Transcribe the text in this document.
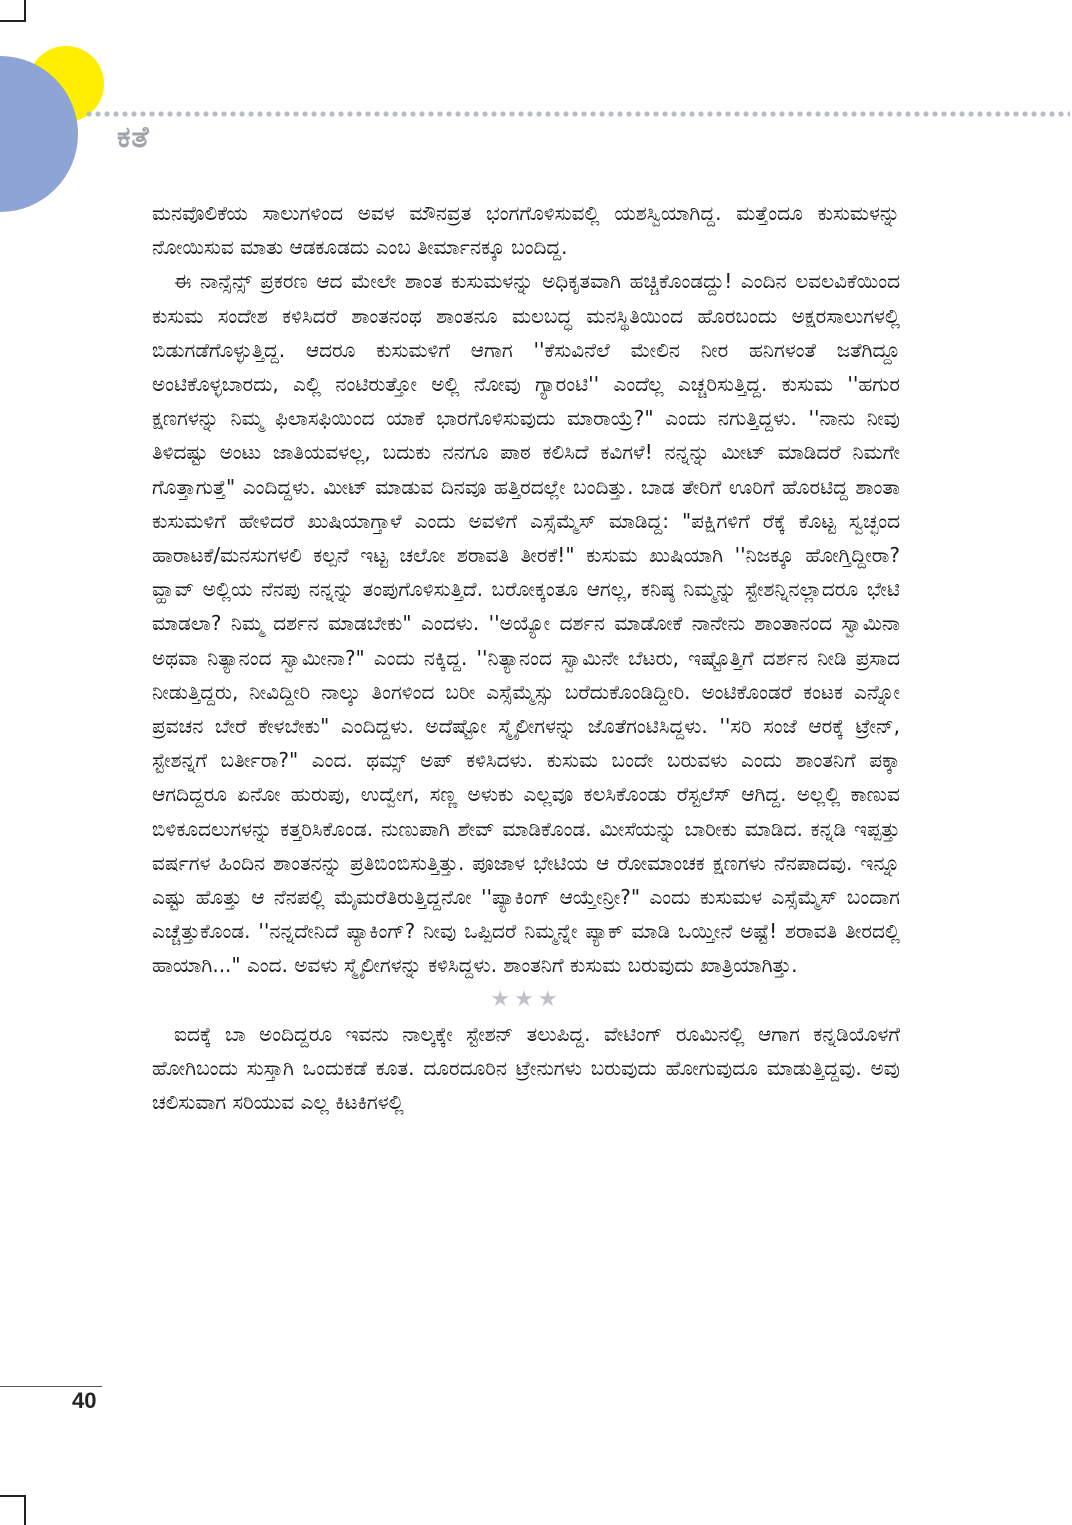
ಕತೆ

ಮನವೊಲಿಕೆಯ ಸಾಲುಗಳಿಂದ ಅವಳ ಮೌನವ್ರತ ಭಂಗಗೊಳಿಸುವಲ್ಲಿ ಯಶಸ್ವಿಯಾಗಿದ್ದ. ಮತ್ತೆಂದೂ ಕುಸುಮಳನ್ನು ನೋಯಿಸುವ ಮಾತು ಆಡಕೂಡದು ಎಂಬ ತೀರ್ಮಾನಕ್ಕೂ ಬಂದಿದ್ದ.

ಈ ನಾನ್ಸೆನ್ಸ್ ಪ್ರಕರಣ ಆದ ಮೇಲೇ ಶಾಂತ ಕುಸುಮಳನ್ನು ಅಧಿಕೃತವಾಗಿ ಹಚ್ಚಿಕೊಂಡದ್ದು! ಎಂದಿನ ಲವಲವಿಕೆಯಿಂದ ಕುಸುಮ ಸಂದೇಶ ಕಳಿಸಿದರೆ ಶಾಂತನಂಥ ಶಾಂತನೂ ಮಲಬದ್ಧ ಮನಸ್ಥಿತಿಯಿಂದ ಹೊರಬಂದು ಅಕ್ಷರಸಾಲುಗಳಲ್ಲಿ ಬಿಡುಗಡೆಗೊಳ್ಳುತ್ತಿದ್ದ. ಆದರೂ ಕುಸುಮಳಿಗೆ ಆಗಾಗ ''ಕೆಸುವಿನೆಲೆ ಮೇಲಿನ ನೀರ ಹನಿಗಳಂತೆ ಜತೆಗಿದ್ದೂ ಅಂಟಿಕೊಳ್ಳಬಾರದು, ಎಲ್ಲಿ ನಂಟಿರುತ್ತೋ ಅಲ್ಲಿ ನೋವು ಗ್ಯಾರಂಟಿ'' ಎಂದೆಲ್ಲ ಎಚ್ಚರಿಸುತ್ತಿದ್ದ. ಕುಸುಮ ''ಹಗುರ ಕ್ಷಣಗಳನ್ನು ನಿಮ್ಮ ಫಿಲಾಸಫಿಯಿಂದ ಯಾಕೆ ಭಾರಗೊಳಿಸುವುದು ಮಾರಾಯ್ರೆ?" ಎಂದು ನಗುತ್ತಿದ್ದಳು. ''ನಾನು ನೀವು ತಿಳಿದಷ್ಟು ಅಂಟು ಜಾತಿಯವಳಲ್ಲ, ಬದುಕು ನನಗೂ ಪಾಠ ಕಲಿಸಿದೆ ಕವಿಗಳೆ! ನನ್ನನ್ನು ಮೀಟ್ ಮಾಡಿದರೆ ನಿಮಗೇ ಗೊತ್ತಾಗುತ್ತೆ" ಎಂದಿದ್ದಳು. ಮೀಟ್ ಮಾಡುವ ದಿನವೂ ಹತ್ತಿರದಲ್ಲೇ ಬಂದಿತ್ತು. ಬಾಡ ತೇರಿಗೆ ಊರಿಗೆ ಹೊರಟಿದ್ದ ಶಾಂತಾ ಕುಸುಮಳಿಗೆ ಹೇಳಿದರೆ ಖುಷಿಯಾಗ್ತಾಳೆ ಎಂದು ಅವಳಿಗೆ ಎಸ್ಸೆಮ್ಮೆಸ್ ಮಾಡಿದ್ದ: "ಪಕ್ಷಿಗಳಿಗೆ ರೆಕ್ಕೆ ಕೊಟ್ಟ ಸ್ವಚ್ಛಂದ ಹಾರಾಟಕೆ/ಮನಸುಗಳಲಿ ಕಲ್ಪನೆ ಇಟ್ಟ ಚಲೋ ಶರಾವತಿ ತೀರಕೆ!" ಕುಸುಮ ಖುಷಿಯಾಗಿ ''ನಿಜಕ್ಕೂ ಹೋಗ್ತಿದ್ದೀರಾ? ವ್ಹಾವ್ ಅಲ್ಲಿಯ ನೆನಪು ನನ್ನನ್ನು ತಂಪುಗೊಳಿಸುತ್ತಿದೆ. ಬರೋಕ್ಕಂತೂ ಆಗಲ್ಲ, ಕನಿಷ್ಠ ನಿಮ್ಮನ್ನು ಸ್ಟೇಶನ್ನಿನಲ್ಲಾದರೂ ಭೇಟಿ ಮಾಡಲಾ? ನಿಮ್ಮ ದರ್ಶನ ಮಾಡಬೇಕು" ಎಂದಳು. ''ಅಯ್ಯೋ ದರ್ಶನ ಮಾಡೋಕೆ ನಾನೇನು ಶಾಂತಾನಂದ ಸ್ವಾಮಿನಾ ಅಥವಾ ನಿತ್ಯಾನಂದ ಸ್ವಾಮೀನಾ?" ಎಂದು ನಕ್ಕಿದ್ದ. ''ನಿತ್ಯಾನಂದ ಸ್ವಾಮಿನೇ ಬೆಟರು, ಇಷ್ಟೊತ್ತಿಗೆ ದರ್ಶನ ನೀಡಿ ಪ್ರಸಾದ ನೀಡುತ್ತಿದ್ದರು, ನೀವಿದ್ದೀರಿ ನಾಲ್ಕು ತಿಂಗಳಿಂದ ಬರೀ ಎಸ್ಸೆಮ್ಮೆಸ್ಸು ಬರೆದುಕೊಂಡಿದ್ದೀರಿ. ಅಂಟಿಕೊಂಡರೆ ಕಂಟಕ ಎನ್ನೋ ಪ್ರವಚನ ಬೇರೆ ಕೇಳಬೇಕು" ಎಂದಿದ್ದಳು. ಅದೆಷ್ಟೋ ಸ್ಮೈಲೀಗಳನ್ನು ಜೊತೆಗಂಟಿಸಿದ್ದಳು. ''ಸರಿ ಸಂಜೆ ಆರಕ್ಕೆ ಟ್ರೇನ್, ಸ್ಟೇಶನ್ನಗೆ ಬರ್ತೀರಾ?" ಎಂದ. ಥಮ್ಸ್ ಅಪ್ ಕಳಿಸಿದಳು. ಕುಸುಮ ಬಂದೇ ಬರುವಳು ಎಂದು ಶಾಂತನಿಗೆ ಪಕ್ಕಾ ಆಗದಿದ್ದರೂ ಏನೋ ಹುರುಪು, ಉದ್ವೇಗ, ಸಣ್ಣ ಅಳುಕು ಎಲ್ಲವೂ ಕಲಸಿಕೊಂಡು ರೆಸ್ಟಲೆಸ್ ಆಗಿದ್ದ. ಅಲ್ಲಲ್ಲಿ ಕಾಣುವ ಬಿಳಿಕೂದಲುಗಳನ್ನು ಕತ್ತರಿಸಿಕೊಂಡ. ನುಣುಪಾಗಿ ಶೇವ್ ಮಾಡಿಕೊಂಡ. ಮೀಸೆಯನ್ನು ಬಾರೀಕು ಮಾಡಿದ. ಕನ್ನಡಿ ಇಪ್ಪತ್ತು ವರ್ಷಗಳ ಹಿಂದಿನ ಶಾಂತನನ್ನು ಪ್ರತಿಬಿಂಬಿಸುತ್ತಿತ್ತು. ಪೂಜಾಳ ಭೇಟಿಯ ಆ ರೋಮಾಂಚಕ ಕ್ಷಣಗಳು ನೆನಪಾದವು. ಇನ್ನೂ ಎಷ್ಟು ಹೊತ್ತು ಆ ನೆನಪಲ್ಲಿ ಮೈಮರೆತಿರುತ್ತಿದ್ದನೋ ''ಪ್ಯಾಕಿಂಗ್ ಆಯ್ತೇನ್ರೀ?" ಎಂದು ಕುಸುಮಳ ಎಸ್ಸೆಮ್ಮೆಸ್ ಬಂದಾಗ ಎಚ್ಚೆತ್ತುಕೊಂಡ. ''ನನ್ನದೇನಿದೆ ಪ್ಯಾಕಿಂಗ್? ನೀವು ಒಪ್ಪಿದರೆ ನಿಮ್ಮನ್ನೇ ಪ್ಯಾಕ್ ಮಾಡಿ ಒಯ್ತೀನೆ ಅಷ್ಟೆ! ಶರಾವತಿ ತೀರದಲ್ಲಿ ಹಾಯಾಗಿ..." ಎಂದ. ಅವಳು ಸ್ಮೈಲೀಗಳನ್ನು ಕಳಿಸಿದ್ದಳು. ಶಾಂತನಿಗೆ ಕುಸುಮ ಬರುವುದು ಖಾತ್ರಿಯಾಗಿತ್ತು.

★★★

ಐದಕ್ಕೆ ಬಾ ಅಂದಿದ್ದರೂ ಇವನು ನಾಲ್ಕಕ್ಕೇ ಸ್ಟೇಶನ್ ತಲುಪಿದ್ದ. ವೇಟಿಂಗ್ ರೂಮಿನಲ್ಲಿ ಆಗಾಗ ಕನ್ನಡಿಯೊಳಗೆ ಹೋಗಿಬಂದು ಸುಸ್ತಾಗಿ ಒಂದುಕಡೆ ಕೂತ. ದೂರದೂರಿನ ಟ್ರೇನುಗಳು ಬರುವುದು ಹೋಗುವುದೂ ಮಾಡುತ್ತಿದ್ದವು. ಅವು ಚಲಿಸುವಾಗ ಸರಿಯುವ ಎಲ್ಲ ಕಿಟಕಿಗಳಲ್ಲಿ

40
